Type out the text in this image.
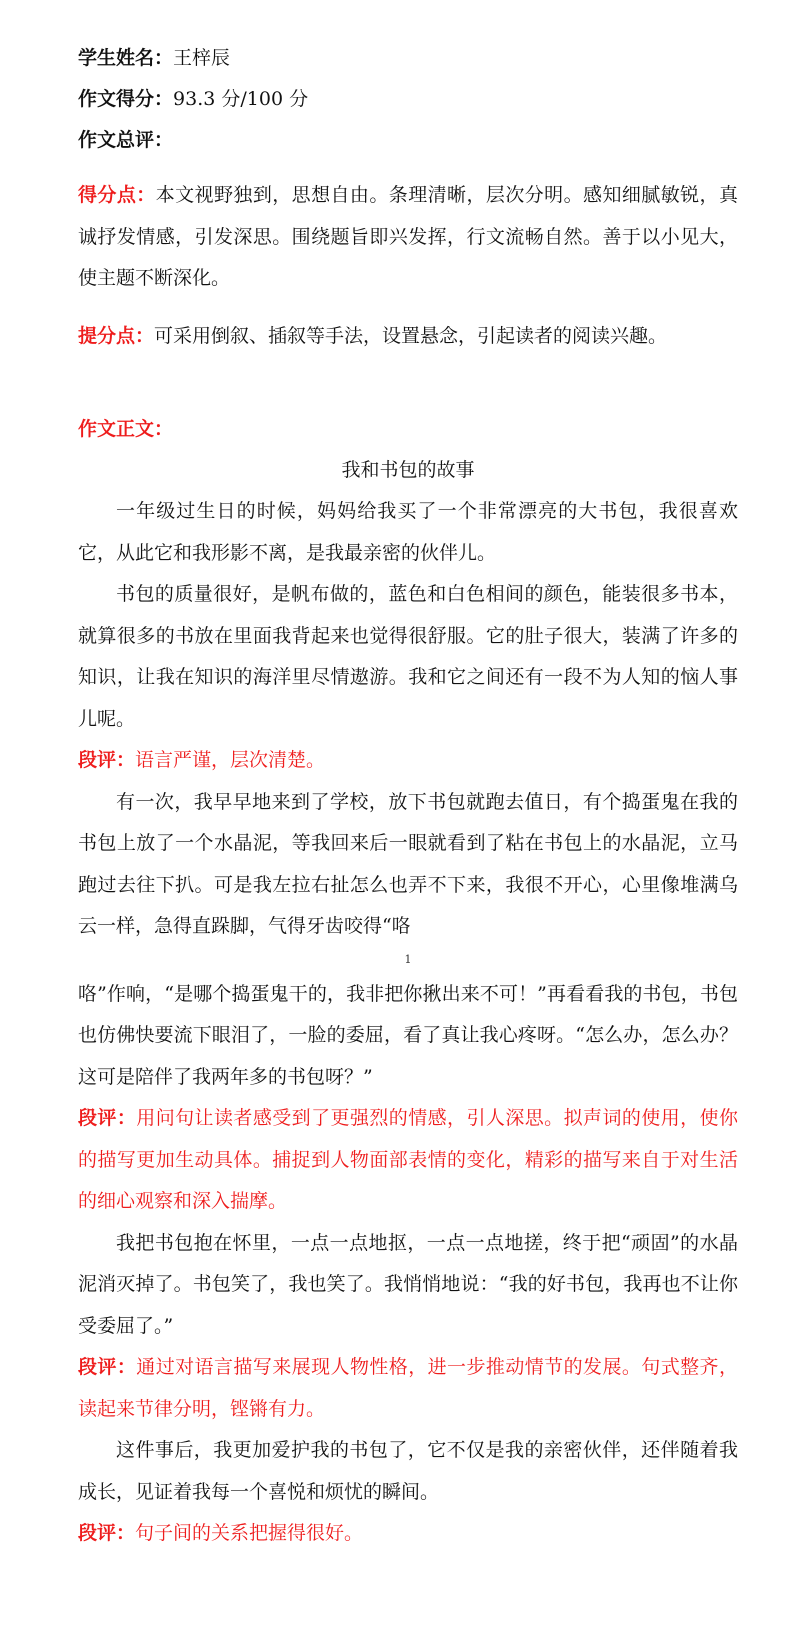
学生姓名：王梓辰
作文得分：93.3 分/100 分
作文总评：

得分点：本文视野独到，思想自由。条理清晰，层次分明。感知细腻敏锐，真诚抒发情感，引发深思。围绕题旨即兴发挥，行文流畅自然。善于以小见大，使主题不断深化。

提分点：可采用倒叙、插叙等手法，设置悬念，引起读者的阅读兴趣。

作文正文：
我和书包的故事

一年级过生日的时候，妈妈给我买了一个非常漂亮的大书包，我很喜欢它，从此它和我形影不离，是我最亲密的伙伴儿。

书包的质量很好，是帆布做的，蓝色和白色相间的颜色，能装很多书本，就算很多的书放在里面我背起来也觉得很舒服。它的肚子很大，装满了许多的知识，让我在知识的海洋里尽情遨游。我和它之间还有一段不为人知的恼人事儿呢。

段评：语言严谨，层次清楚。

有一次，我早早地来到了学校，放下书包就跑去值日，有个捣蛋鬼在我的书包上放了一个水晶泥，等我回来后一眼就看到了粘在书包上的水晶泥，立马跑过去往下扒。可是我左拉右扯怎么也弄不下来，我很不开心，心里像堆满乌云一样，急得直跺脚，气得牙齿咬得“咯

1

咯”作响，“是哪个捣蛋鬼干的，我非把你揪出来不可！”再看看我的书包，书包也仿佛快要流下眼泪了，一脸的委屈，看了真让我心疼呀。“怎么办，怎么办？这可是陪伴了我两年多的书包呀？”

段评：用问句让读者感受到了更强烈的情感，引人深思。拟声词的使用，使你的描写更加生动具体。捕捉到人物面部表情的变化，精彩的描写来自于对生活的细心观察和深入揣摩。

我把书包抱在怀里，一点一点地抠，一点一点地搓，终于把“顽固”的水晶泥消灭掉了。书包笑了，我也笑了。我悄悄地说：“我的好书包，我再也不让你受委屈了。”

段评：通过对语言描写来展现人物性格，进一步推动情节的发展。句式整齐，读起来节律分明，铿锵有力。

这件事后，我更加爱护我的书包了，它不仅是我的亲密伙伴，还伴随着我成长，见证着我每一个喜悦和烦忧的瞬间。

段评：句子间的关系把握得很好。
